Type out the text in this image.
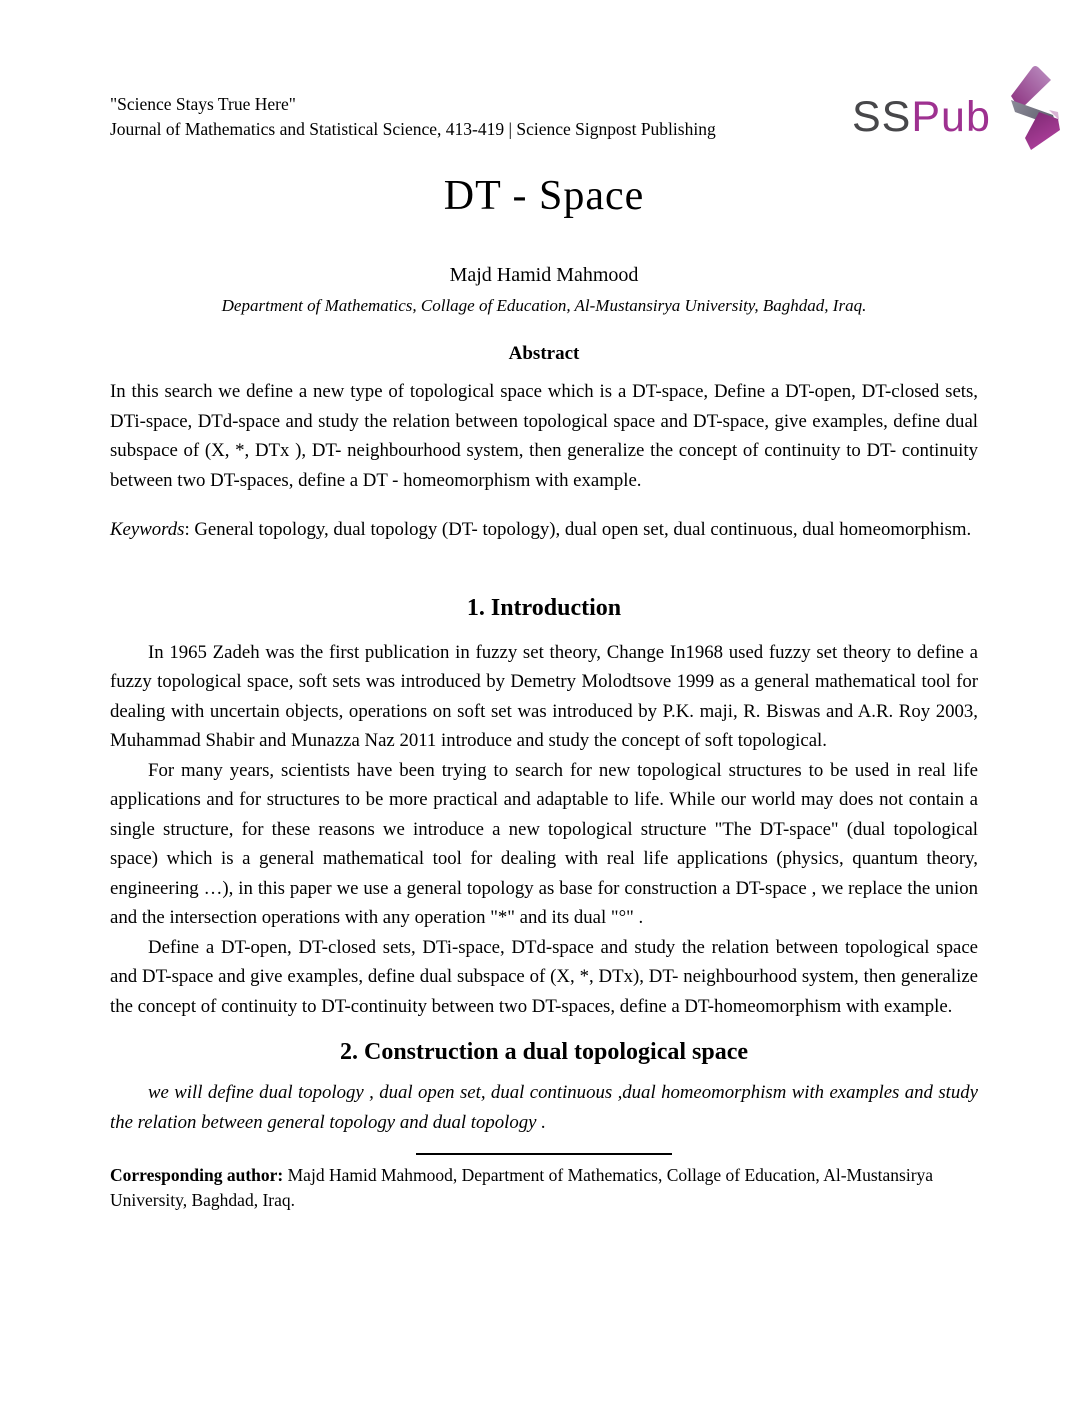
"Science Stays True Here"
Journal of Mathematics and Statistical Science, 413-419 | Science Signpost Publishing	SSPub
DT - Space
Majd Hamid Mahmood
Department of Mathematics, Collage of Education, Al-Mustansirya University, Baghdad, Iraq.
Abstract

In this search we define a new type of topological space which is a DT-space, Define a DT-open, DT-closed sets, DTi-space, DTd-space and study the relation between topological space and DT-space, give examples, define dual subspace of (X, *, DTx ), DT- neighbourhood system, then generalize the concept of continuity to DT- continuity between two DT-spaces, define a DT - homeomorphism with example.

Keywords: General topology, dual topology (DT- topology), dual open set, dual continuous, dual homeomorphism.
1. Introduction

In 1965 Zadeh was the first publication in fuzzy set theory, Change In1968 used fuzzy set theory to define a fuzzy topological space, soft sets was introduced by Demetry Molodtsove 1999 as a general mathematical tool for dealing with uncertain objects, operations on soft set was introduced by P.K. maji, R. Biswas and A.R. Roy 2003, Muhammad Shabir and Munazza Naz 2011 introduce and study the concept of soft topological.

For many years, scientists have been trying to search for new topological structures to be used in real life applications and for structures to be more practical and adaptable to life. While our world may does not contain a single structure, for these reasons we introduce a new topological structure "The DT-space" (dual topological space) which is a general mathematical tool for dealing with real life applications (physics, quantum theory, engineering …), in this paper we use a general topology as base for construction a DT-space , we replace the union and the intersection operations with any operation "*" and its dual "°" .

Define a DT-open, DT-closed sets, DTi-space, DTd-space and study the relation between topological space and DT-space and give examples, define dual subspace of (X, *, DTx), DT- neighbourhood system, then generalize the concept of continuity to DT-continuity between two DT-spaces, define a DT-homeomorphism with example.

2. Construction a dual topological space

we will define dual topology , dual open set, dual continuous ,dual homeomorphism with examples and study the relation between general topology and dual topology .

Corresponding author: Majd Hamid Mahmood, Department of Mathematics, Collage of Education, Al-Mustansirya University, Baghdad, Iraq.
